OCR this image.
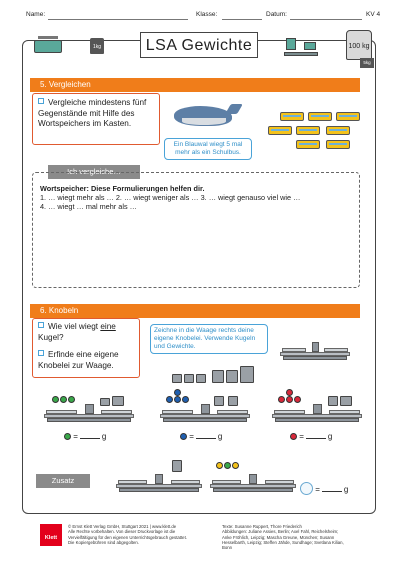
Name:	Klasse:	Datum:	KV 4
1kg	LSA Gewichte	100 kg
5kg
5. Vergleichen
Vergleiche mindestens fünf Gegenstände mit Hilfe des Wortspeichers im Kasten.
Ein Blauwal wiegt 5 mal mehr als ein Schulbus.
Ich vergleiche…
Wortspeicher: Diese Formulierungen helfen dir.
1. … wiegt mehr als … 2. … wiegt weniger als … 3. … wiegt genauso viel wie …
4. … wiegt … mal mehr als …
6. Knobeln
Wie viel wiegt eine Kugel?
Erfinde eine eigene Knobelei zur Waage.
Zeichne in die Waage rechts deine eigene Knobelei. Verwende Kugeln und Gewichte.
=	g	=	g	=	g
Zusatz
=	g
Klett
© Ernst Klett Verlag GmbH, Stuttgart 2021 | www.klett.de
Alle Rechte vorbehalten. Von dieser Druckvorlage ist die
Vervielfältigung für den eigenen Unterrichtsgebrauch gestattet.
Die Kopiergebühren sind abgegolten.
Texte: Susanne Ruppert, Thore Friederich
Abbildungen: Juliane Assies, Berlin; Axel Fahl, Reichelsheim;
Anke Fröhlich, Leipzig; Mascha Greune, München; Susann
Hesselbarth, Leipzig; Steffen Jähde, Sundhage; Svetlana Kilian,
Bonn
